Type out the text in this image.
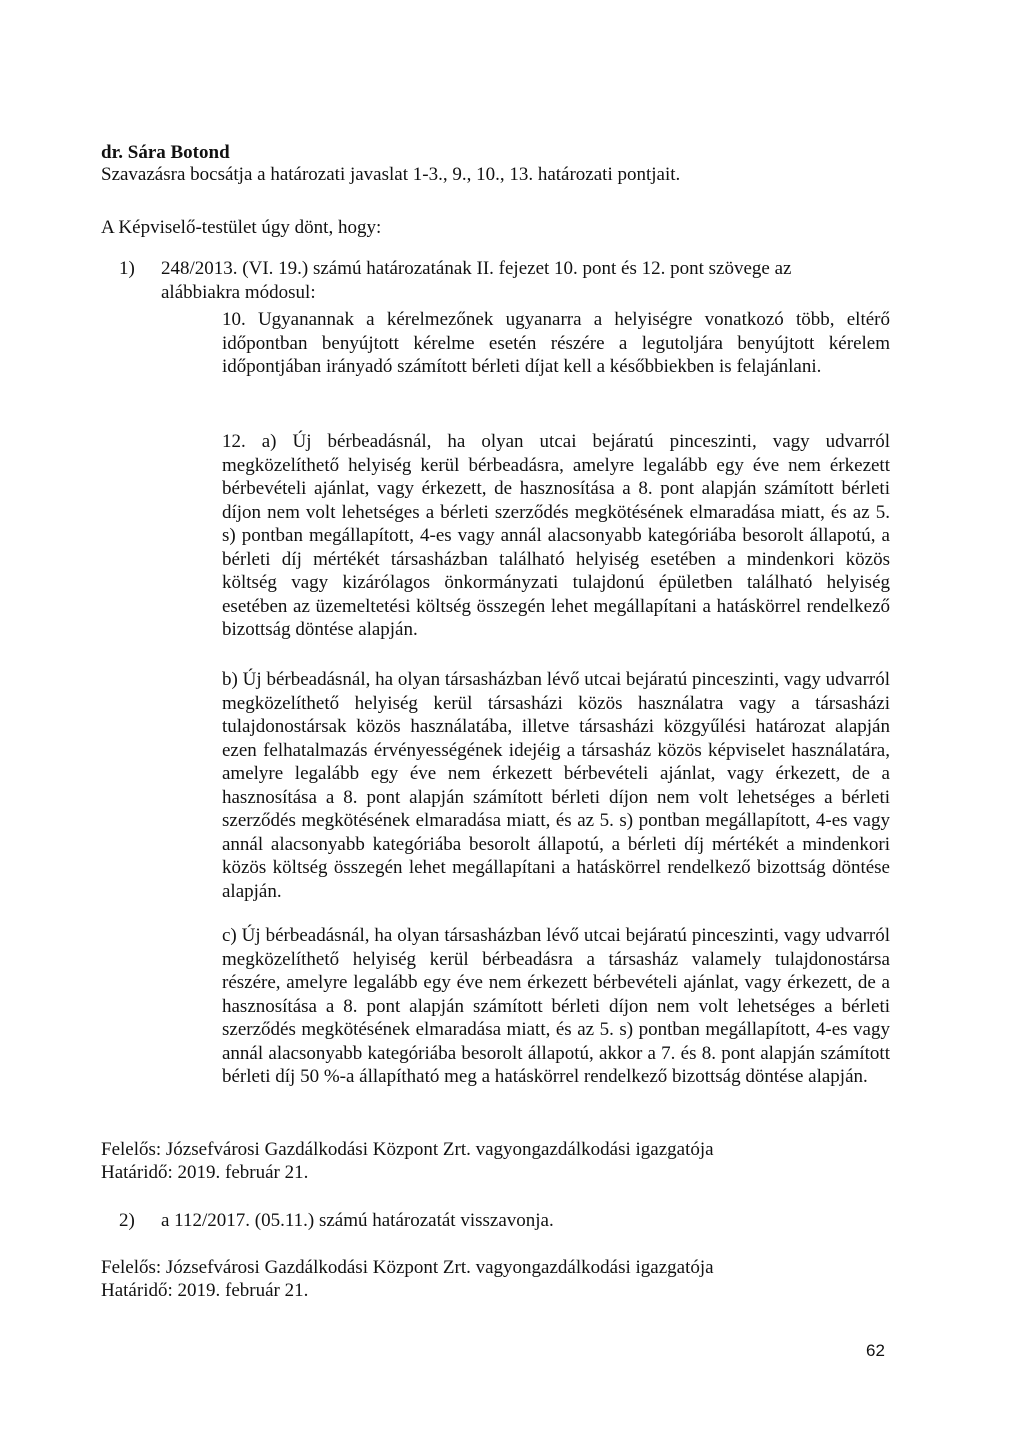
dr. Sára Botond
Szavazásra bocsátja a határozati javaslat 1-3., 9., 10., 13. határozati pontjait.
A Képviselő-testület úgy dönt, hogy:
1) 248/2013. (VI. 19.) számú határozatának II. fejezet 10. pont és 12. pont szövege az
alábbiakra módosul:
10. Ugyanannak a kérelmezőnek ugyanarra a helyiségre vonatkozó több, eltérő időpontban benyújtott kérelme esetén részére a legutoljára benyújtott kérelem időpontjában irányadó számított bérleti díjat kell a későbbiekben is felajánlani.
12. a) Új bérbeadásnál, ha olyan utcai bejáratú pinceszinti, vagy udvarról megközelíthető helyiség kerül bérbeadásra, amelyre legalább egy éve nem érkezett bérbevételi ajánlat, vagy érkezett, de hasznosítása a 8. pont alapján számított bérleti díjon nem volt lehetséges a bérleti szerződés megkötésének elmaradása miatt, és az 5. s) pontban megállapított, 4-es vagy annál alacsonyabb kategóriába besorolt állapotú, a bérleti díj mértékét társasházban található helyiség esetében a mindenkori közös költség vagy kizárólagos önkormányzati tulajdonú épületben található helyiség esetében az üzemeltetési költség összegén lehet megállapítani a hatáskörrel rendelkező bizottság döntése alapján.
b) Új bérbeadásnál, ha olyan társasházban lévő utcai bejáratú pinceszinti, vagy udvarról megközelíthető helyiség kerül társasházi közös használatra vagy a társasházi tulajdonostársak közös használatába, illetve társasházi közgyűlési határozat alapján ezen felhatalmazás érvényességének idejéig a társasház közös képviselet használatára, amelyre legalább egy éve nem érkezett bérbevételi ajánlat, vagy érkezett, de a hasznosítása a 8. pont alapján számított bérleti díjon nem volt lehetséges a bérleti szerződés megkötésének elmaradása miatt, és az 5. s) pontban megállapított, 4-es vagy annál alacsonyabb kategóriába besorolt állapotú, a bérleti díj mértékét a mindenkori közös költség összegén lehet megállapítani a hatáskörrel rendelkező bizottság döntése alapján.
c) Új bérbeadásnál, ha olyan társasházban lévő utcai bejáratú pinceszinti, vagy udvarról megközelíthető helyiség kerül bérbeadásra a társasház valamely tulajdonostársa részére, amelyre legalább egy éve nem érkezett bérbevételi ajánlat, vagy érkezett, de a hasznosítása a 8. pont alapján számított bérleti díjon nem volt lehetséges a bérleti szerződés megkötésének elmaradása miatt, és az 5. s) pontban megállapított, 4-es vagy annál alacsonyabb kategóriába besorolt állapotú, akkor a 7. és 8. pont alapján számított bérleti díj 50 %-a állapítható meg a hatáskörrel rendelkező bizottság döntése alapján.
Felelős: Józsefvárosi Gazdálkodási Központ Zrt. vagyongazdálkodási igazgatója
Határidő: 2019. február 21.
2) a 112/2017. (05.11.) számú határozatát visszavonja.
Felelős: Józsefvárosi Gazdálkodási Központ Zrt. vagyongazdálkodási igazgatója
Határidő: 2019. február 21.
62
